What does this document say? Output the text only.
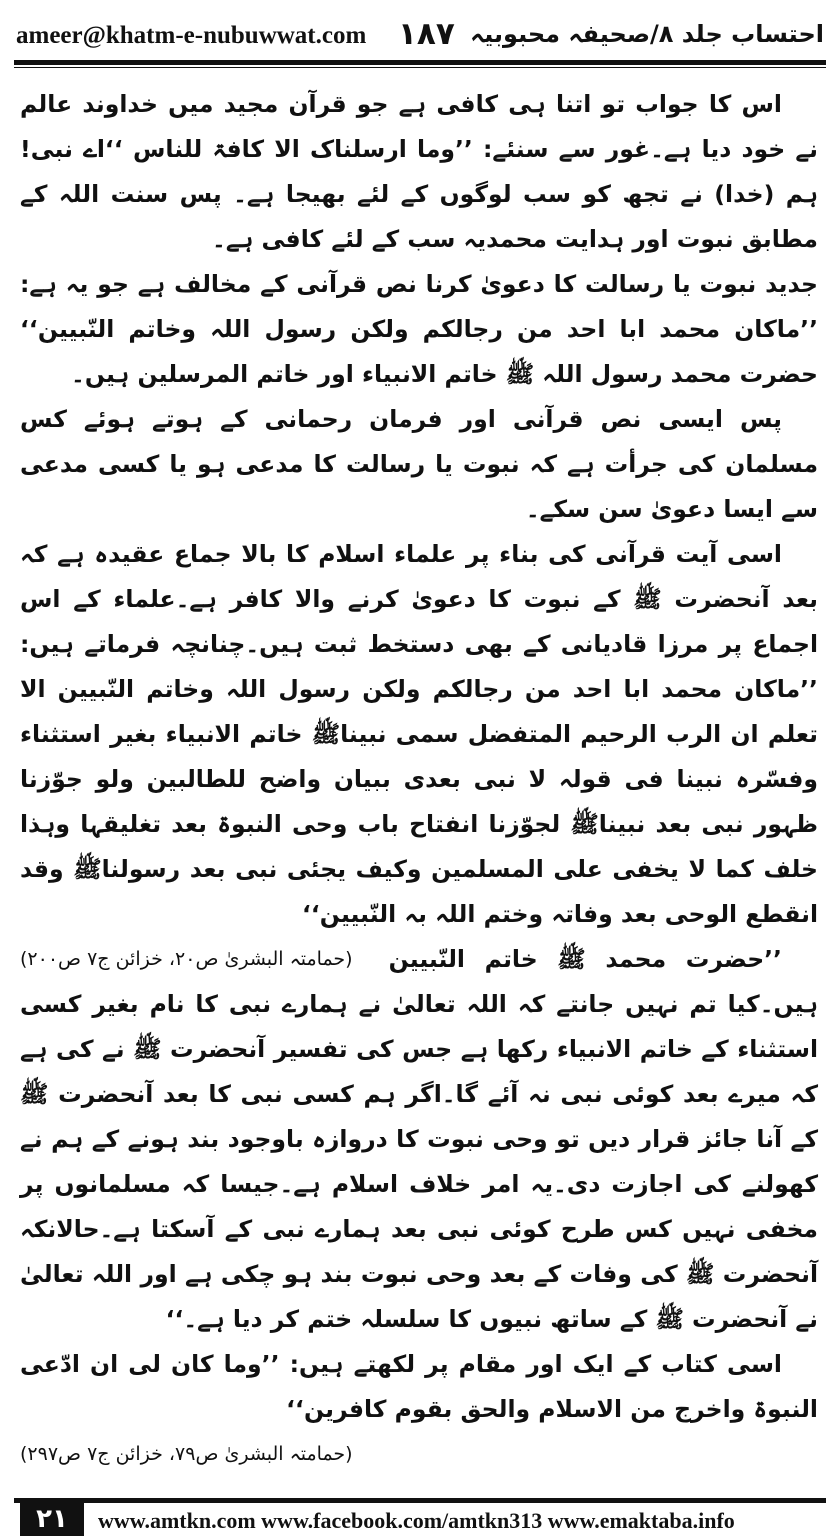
ameer@khatm-e-nubuwwat.com ۱۸۷ احتساب جلد ۸/صحیفہ محبوبیہ

اس کا جواب تو اتنا ہی کافی ہے جو قرآن مجید میں خداوند عالم نے خود دیا ہے۔غور سے سنئے: ’’وما ارسلناک الا کافۃ للناس ‘‘اے نبی! ہم (خدا) نے تجھ کو سب لوگوں کے لئے بھیجا ہے۔ پس سنت اللہ کے مطابق نبوت اور ہدایت محمدیہ سب کے لئے کافی ہے۔

جدید نبوت یا رسالت کا دعویٰ کرنا نص قرآنی کے مخالف ہے جو یہ ہے: ’’ماکان محمد ابا احد من رجالکم ولکن رسول اللہ وخاتم النّبیین‘‘ حضرت محمد رسول اللہ ﷺ خاتم الانبیاء اور خاتم المرسلین ہیں۔

پس ایسی نص قرآنی اور فرمان رحمانی کے ہوتے ہوئے کس مسلمان کی جرأت ہے کہ نبوت یا رسالت کا مدعی ہو یا کسی مدعی سے ایسا دعویٰ سن سکے۔

اسی آیت قرآنی کی بناء پر علماء اسلام کا بالا جماع عقیدہ ہے کہ بعد آنحضرت ﷺ کے نبوت کا دعویٰ کرنے والا کافر ہے۔علماء کے اس اجماع پر مرزا قادیانی کے بھی دستخط ثبت ہیں۔چنانچہ فرماتے ہیں: ’’ماکان محمد ابا احد من رجالکم ولکن رسول اللہ وخاتم النّبیین الا تعلم ان الرب الرحیم المتفضل سمی نبیناﷺ خاتم الانبیاء بغیر استثناء وفسّرہ نبینا فی قولہ لا نبی بعدی ببیان واضح للطالبین ولو جوّزنا ظہور نبی بعد نبیناﷺ لجوّزنا انفتاح باب وحی النبوۃ بعد تغلیقہا وہذا خلف کما لا یخفی علی المسلمین وکیف یجئی نبی بعد رسولناﷺ وقد انقطع الوحی بعد وفاتہ وختم اللہ بہ النّبیین‘‘
(حمامتہ البشریٰ ص۲۰، خزائن ج۷ ص۲۰۰)	’’حضرت محمد ﷺ خاتم النّبیین ہیں۔کیا تم نہیں جانتے کہ اللہ تعالیٰ نے ہمارے نبی کا نام بغیر کسی استثناء کے خاتم الانبیاء رکھا ہے جس کی تفسیر آنحضرت ﷺ نے کی ہے کہ میرے بعد کوئی نبی نہ آئے گا۔اگر ہم کسی نبی کا بعد آنحضرت ﷺ کے آنا جائز قرار دیں تو وحی نبوت کا دروازہ باوجود بند ہونے کے ہم نے کھولنے کی اجازت دی۔یہ امر خلاف اسلام ہے۔جیسا کہ مسلمانوں پر مخفی نہیں کس طرح کوئی نبی بعد ہمارے نبی کے آسکتا ہے۔حالانکہ آنحضرت ﷺ کی وفات کے بعد وحی نبوت بند ہو چکی ہے اور اللہ تعالیٰ نے آنحضرت ﷺ کے ساتھ نبیوں کا سلسلہ ختم کر دیا ہے۔‘‘

اسی کتاب کے ایک اور مقام پر لکھتے ہیں: ’’وما کان لی ان ادّعی النبوۃ واخرج من الاسلام والحق بقوم کافرین‘‘
(حمامتہ البشریٰ ص۷۹، خزائن ج۷ ص۲۹۷)

۲۱	www.amtkn.com www.facebook.com/amtkn313 www.emaktaba.info
